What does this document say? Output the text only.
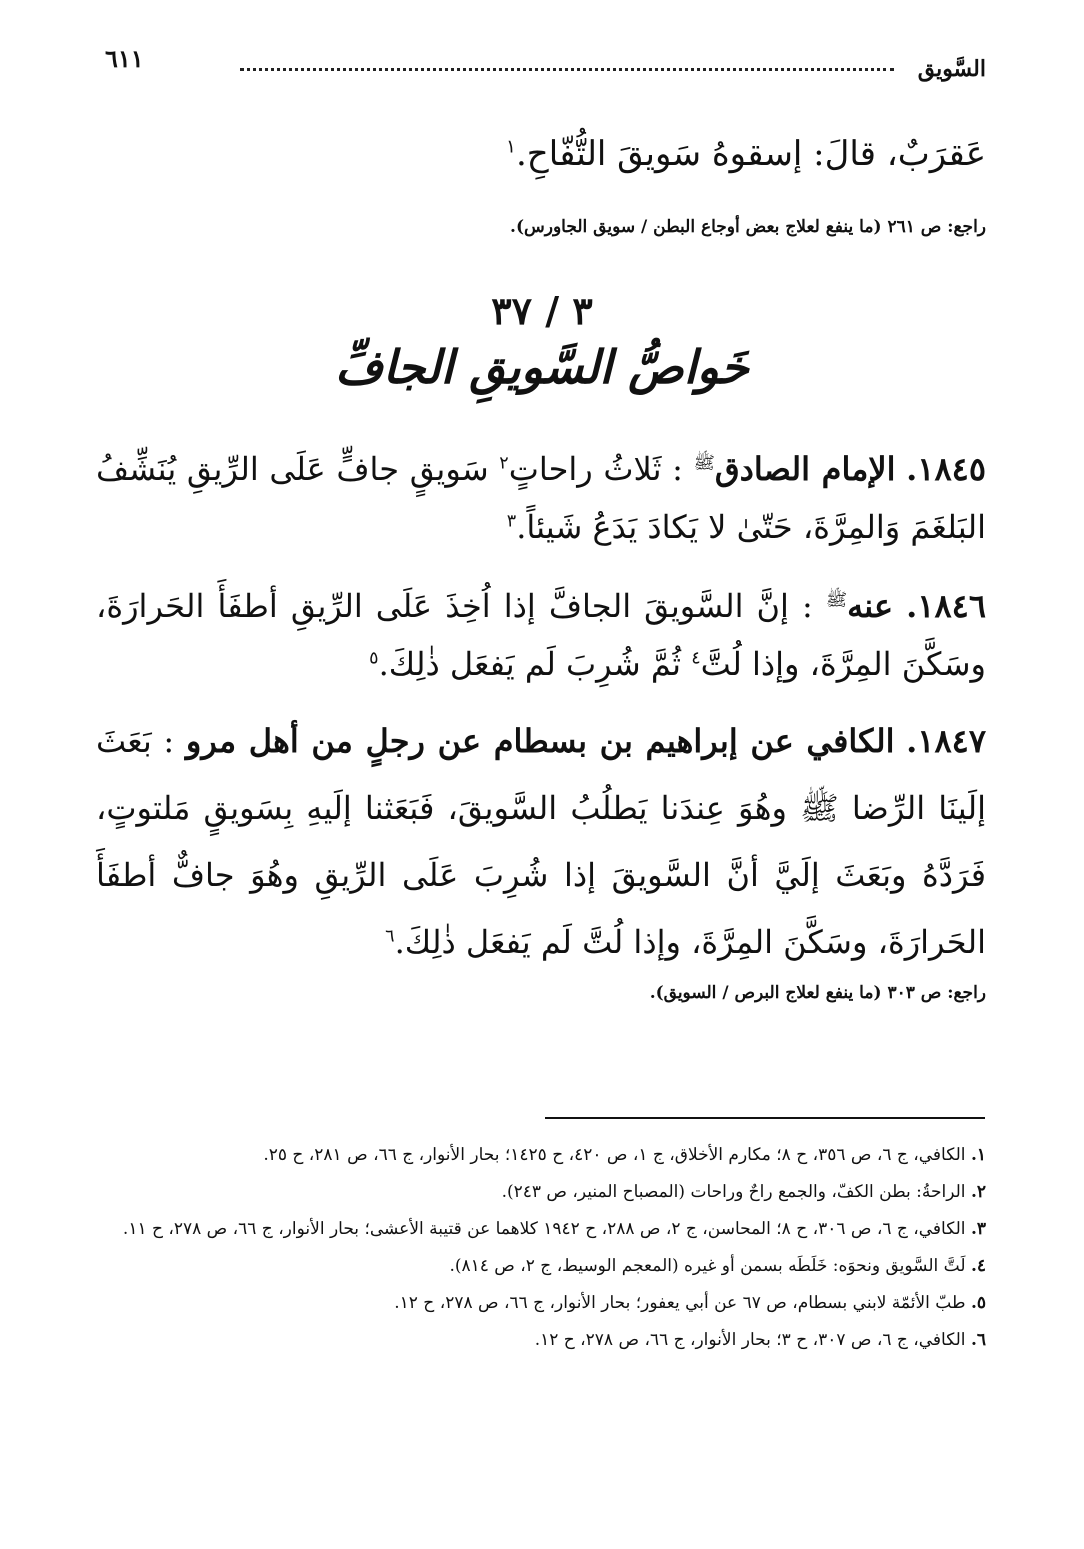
السَّويق
٦١١
عَقرَبٌ، قالَ: إسقوهُ سَويقَ التُّفّاحِ.$^١$
راجع: ص ٢٦١ (ما ينفع لعلاج بعض أوجاع البطن / سويق الجاورس).
٣ / ٣٧
خَواصُّ السَّويقِ الجافِّ
١٨٤٥. الإمام الصادق$^ﷺ$ : ثَلاثُ راحاتٍ$^٢$ سَويقٍ جافٍّ عَلَى الرِّيقِ يُنَشِّفُ البَلغَمَ وَالمِرَّةَ، حَتّىٰ لا يَكادَ يَدَعُ شَيئاً.$^٣$
١٨٤٦. عنه$^ﷺ$ : إنَّ السَّويقَ الجافَّ إذا اُخِذَ عَلَى الرِّيقِ أطفَأَ الحَرارَةَ، وسَكَّنَ المِرَّةَ، وإذا لُتَّ$^٤$ ثُمَّ شُرِبَ لَم يَفعَل ذٰلِكَ.$^٥$
١٨٤٧. الكافي عن إبراهيم بن بسطام عن رجلٍ من أهل مرو : بَعَثَ إلَينَا الرِّضا ﷺ وهُوَ عِندَنا يَطلُبُ السَّويقَ، فَبَعَثنا إلَيهِ بِسَويقٍ مَلتوتٍ، فَرَدَّهُ وبَعَثَ إلَيَّ أنَّ السَّويقَ إذا شُرِبَ عَلَى الرِّيقِ وهُوَ جافٌّ أطفَأَ الحَرارَةَ، وسَكَّنَ المِرَّةَ، وإذا لُتَّ لَم يَفعَل ذٰلِكَ.$^٦$
راجع: ص ٣٠٣ (ما ينفع لعلاج البرص / السويق).
١. الكافي، ج ٦، ص ٣٥٦، ح ٨؛ مكارم الأخلاق، ج ١، ص ٤٢٠، ح ١٤٢٥؛ بحار الأنوار، ج ٦٦، ص ٢٨١، ح ٢٥.
٢. الراحةُ: بطن الكفّ، والجمع راحٌ وراحات (المصباح المنير، ص ٢٤٣).
٣. الكافي، ج ٦، ص ٣٠٦، ح ٨؛ المحاسن، ج ٢، ص ٢٨٨، ح ١٩٤٢ كلاهما عن قتيبة الأعشى؛ بحار الأنوار، ج ٦٦، ص ٢٧٨، ح ١١.
٤. لَتَّ السَّويق ونحوَه: خَلَطَه بسمن أو غيره (المعجم الوسيط، ج ٢، ص ٨١٤).
٥. طبّ الأئمّة لابني بسطام، ص ٦٧ عن أبي يعفور؛ بحار الأنوار، ج ٦٦، ص ٢٧٨، ح ١٢.
٦. الكافي، ج ٦، ص ٣٠٧، ح ٣؛ بحار الأنوار، ج ٦٦، ص ٢٧٨، ح ١٢.
